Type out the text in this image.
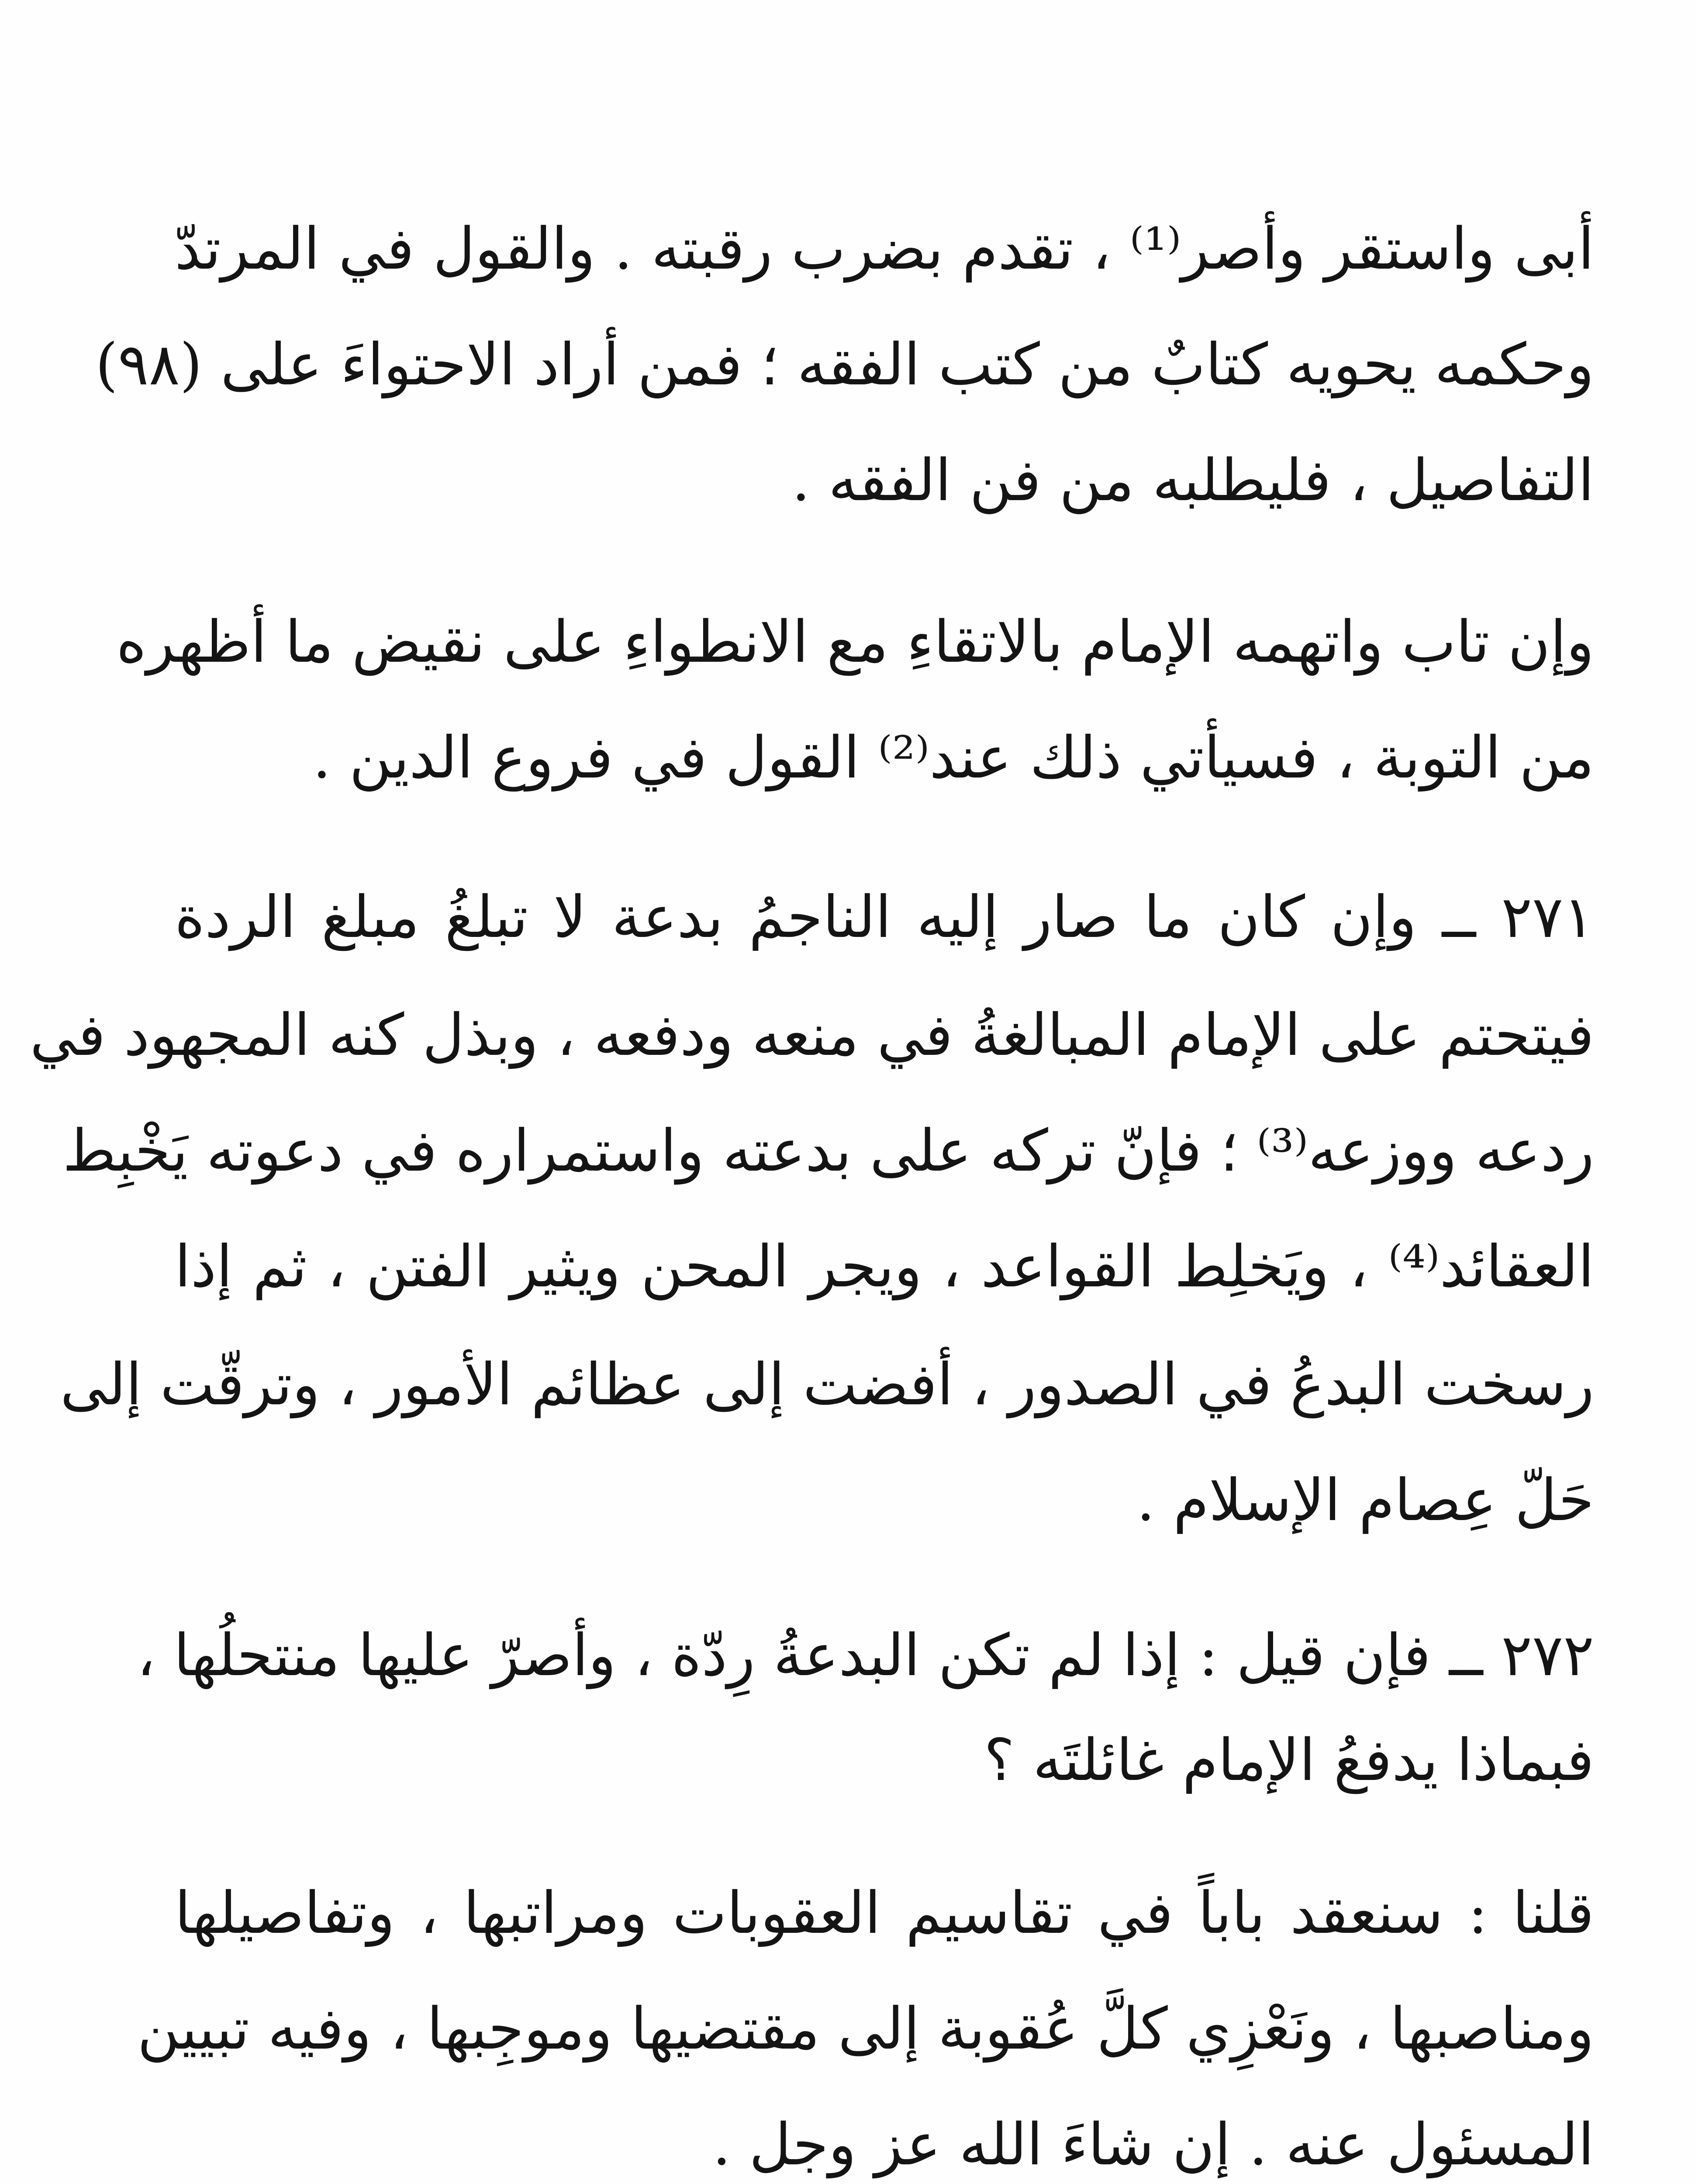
أبى واستقر وأصر⁽¹⁾ ، تقدم بضرب رقبته . والقول في المرتدّ
وحكمه يحويه كتابٌ من كتب الفقه ؛ فمن أراد الاحتواءَ على (٩٨)
التفاصيل ، فليطلبه من فن الفقه .
وإن تاب واتهمه الإمام بالاتقاءِ مع الانطواءِ على نقيض ما أظهره
من التوبة ، فسيأتي ذلك عند⁽²⁾ القول في فروع الدين .
٢٧١ ــ وإن كان ما صار إليه الناجمُ بدعة لا تبلغُ مبلغ الردة
فيتحتم على الإمام المبالغةُ في منعه ودفعه ، وبذل كنه المجهود في
ردعه ووزعه⁽³⁾ ؛ فإنّ تركه على بدعته واستمراره في دعوته يَخْبِط
العقائد⁽⁴⁾ ، ويَخلِط القواعد ، ويجر المحن ويثير الفتن ، ثم إذا
رسخت البدعُ في الصدور ، أفضت إلى عظائم الأمور ، وترقّت إلى
حَلّ عِصام الإسلام .
٢٧٢ ــ فإن قيل : إذا لم تكن البدعةُ رِدّة ، وأصرّ عليها منتحلُها ،
فبماذا يدفعُ الإمام غائلتَه ؟
قلنا : سنعقد باباً في تقاسيم العقوبات ومراتبها ، وتفاصيلها
ومناصبها ، ونَعْزِي كلَّ عُقوبة إلى مقتضيها وموجِبها ، وفيه تبيين
المسئول عنه . إن شاءَ الله عز وجل .
